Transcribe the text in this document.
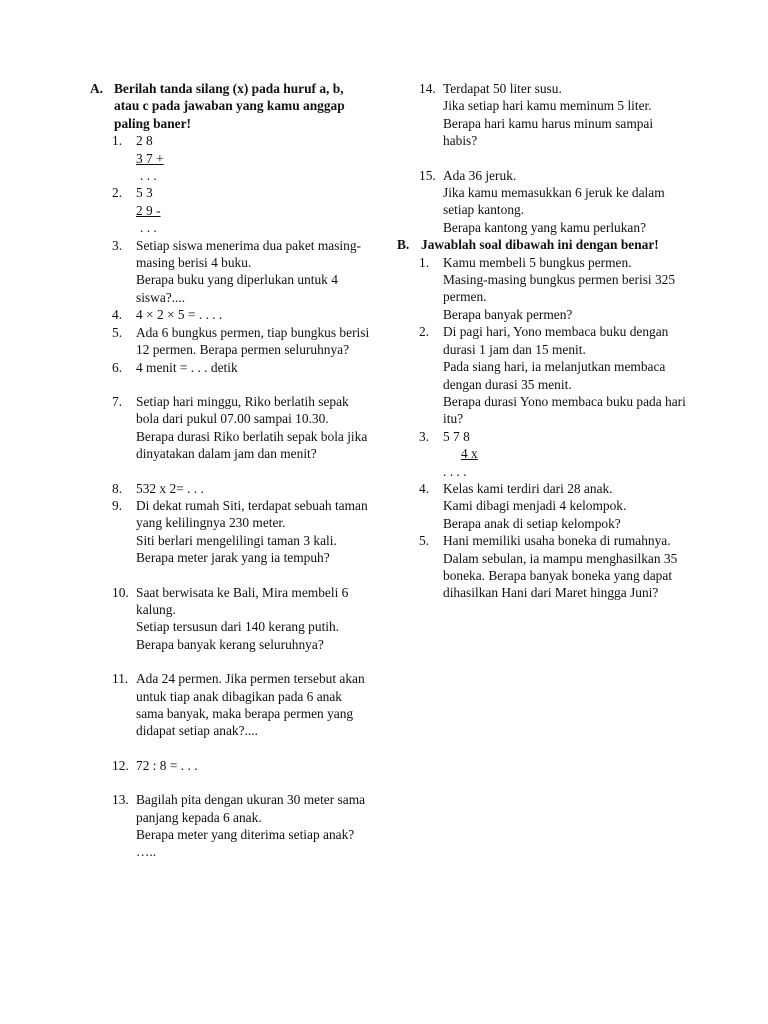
A. Berilah tanda silang (x) pada huruf a, b, atau c pada jawaban yang kamu anggap paling baner!
1.	2 8

3 7 +

. . .

2.	5 3

2 9 -

. . .

3.	Setiap siswa menerima dua paket masing-masing berisi 4 buku.

Berapa buku yang diperlukan untuk 4 siswa?....

4.	4 × 2 × 5 = . . . .

5.	Ada 6 bungkus permen, tiap bungkus berisi 12 permen. Berapa permen seluruhnya?

6.	4 menit = . . . detik

7.	Setiap hari minggu, Riko berlatih sepak bola dari pukul 07.00 sampai 10.30.

Berapa durasi Riko berlatih sepak bola jika dinyatakan dalam jam dan menit?

8.	532 x 2= . . .

9.	Di dekat rumah Siti, terdapat sebuah taman yang kelilingnya 230 meter.

Siti berlari mengelilingi taman 3 kali.

Berapa meter jarak yang ia tempuh?

10. Saat berwisata ke Bali, Mira membeli 6 kalung.

Setiap tersusun dari 140 kerang putih.

Berapa banyak kerang seluruhnya?

11. Ada 24 permen. Jika permen tersebut akan untuk tiap anak dibagikan pada 6 anak sama banyak, maka berapa permen yang didapat setiap anak?....

12. 72 : 8 = . . .

13. Bagilah pita dengan ukuran 30 meter sama panjang kepada 6 anak.

Berapa meter yang diterima setiap anak? …..

14. Terdapat 50 liter susu.

Jika setiap hari kamu meminum 5 liter.

Berapa hari kamu harus minum sampai habis?

15. Ada 36 jeruk.

Jika kamu memasukkan 6 jeruk ke dalam setiap kantong.

Berapa kantong yang kamu perlukan?

B. Jawablah soal dibawah ini dengan benar!
1.	Kamu membeli 5 bungkus permen.

Masing-masing bungkus permen berisi 325 permen.

Berapa banyak permen?

2.	Di pagi hari, Yono membaca buku dengan durasi 1 jam dan 15 menit.

Pada siang hari, ia melanjutkan membaca dengan durasi 35 menit.

Berapa durasi Yono membaca buku pada hari itu?

3.	5 7 8

4 x

. . . .

4.	Kelas kami terdiri dari 28 anak.

Kami dibagi menjadi 4 kelompok.

Berapa anak di setiap kelompok?

5.	Hani memiliki usaha boneka di rumahnya. Dalam sebulan, ia mampu menghasilkan 35 boneka. Berapa banyak boneka yang dapat dihasilkan Hani dari Maret hingga Juni?
